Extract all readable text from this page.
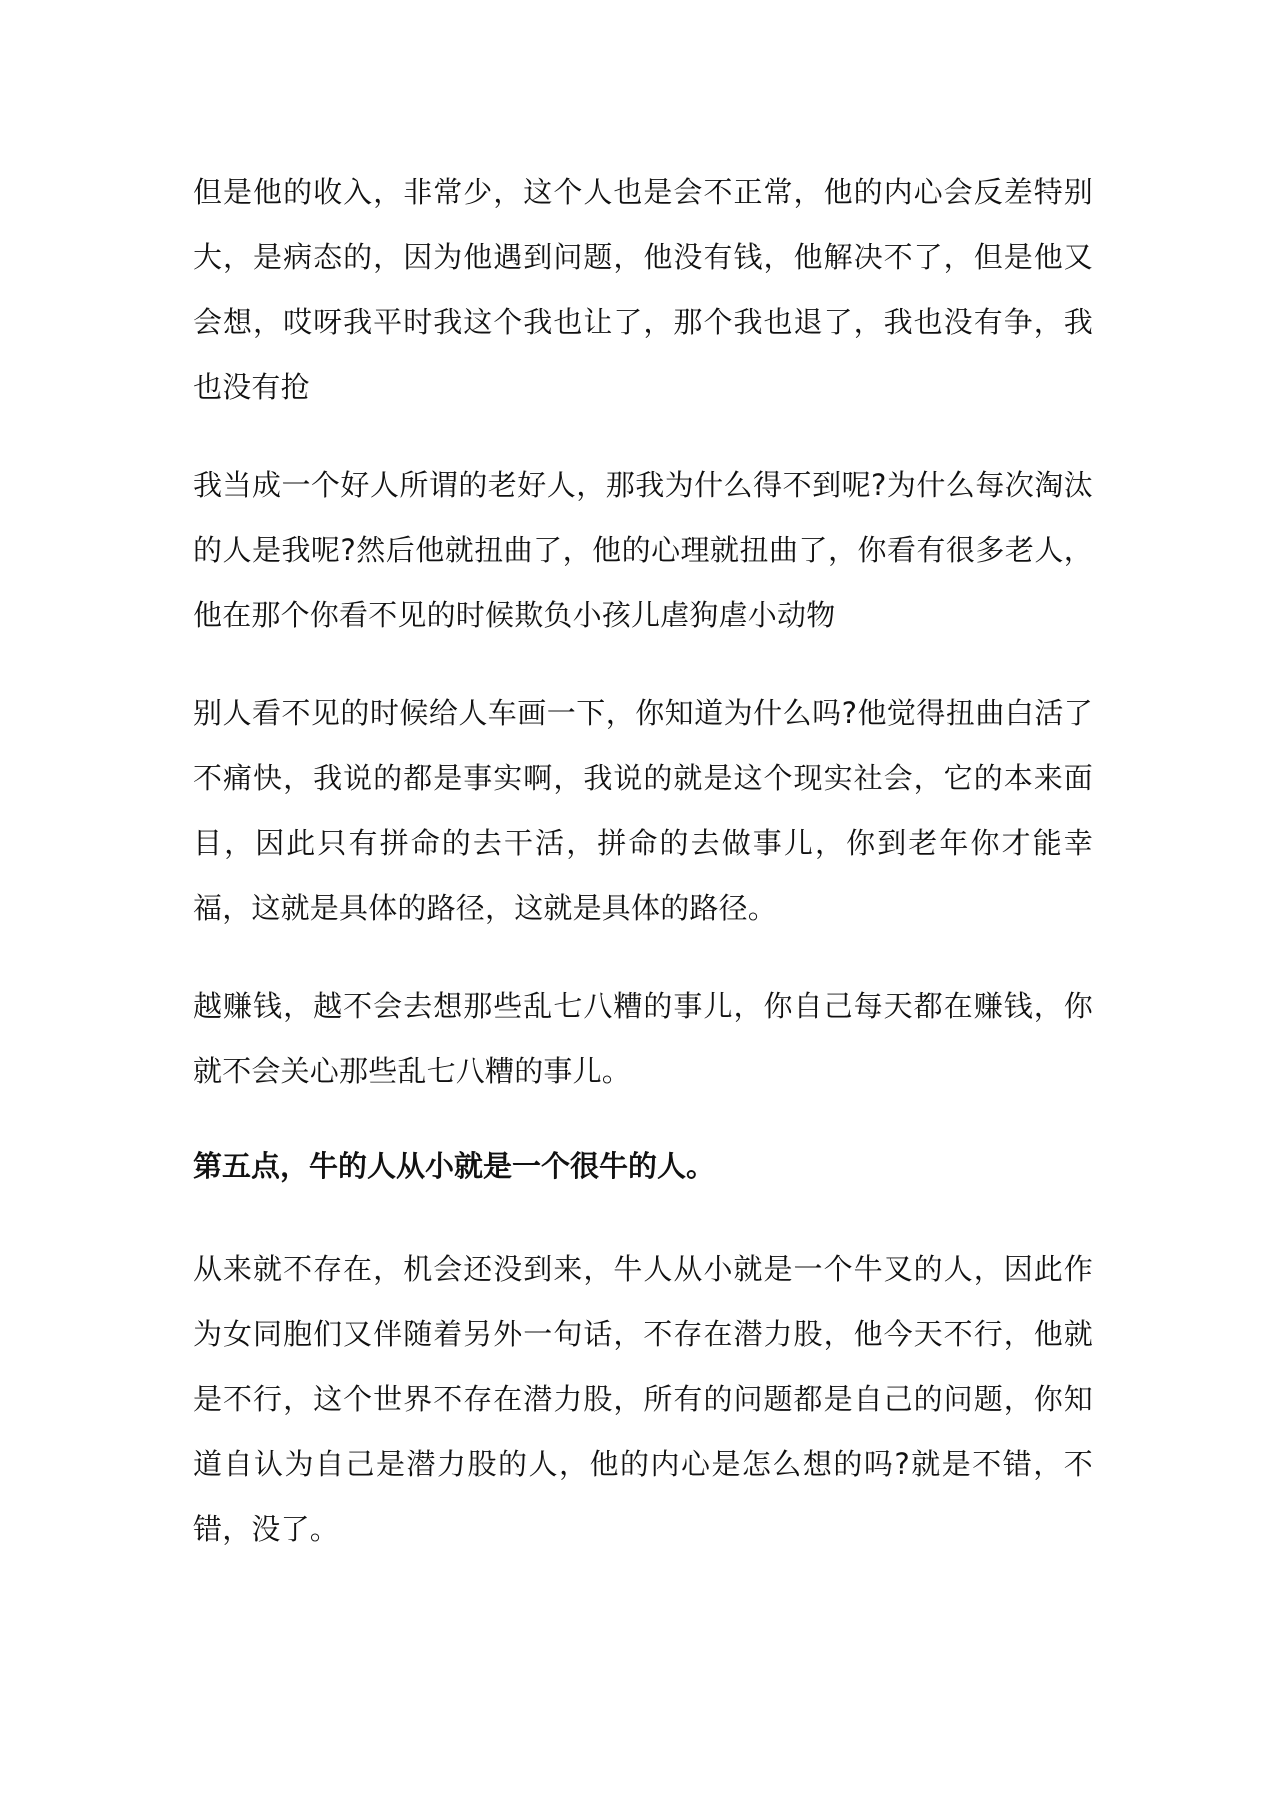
但是他的收入，非常少，这个人也是会不正常，他的内心会反差特别大，是病态的，因为他遇到问题，他没有钱，他解决不了，但是他又会想，哎呀我平时我这个我也让了，那个我也退了，我也没有争，我也没有抢

我当成一个好人所谓的老好人，那我为什么得不到呢?为什么每次淘汰的人是我呢?然后他就扭曲了，他的心理就扭曲了，你看有很多老人，他在那个你看不见的时候欺负小孩儿虐狗虐小动物

别人看不见的时候给人车画一下，你知道为什么吗?他觉得扭曲白活了不痛快，我说的都是事实啊，我说的就是这个现实社会，它的本来面目，因此只有拼命的去干活，拼命的去做事儿，你到老年你才能幸福，这就是具体的路径，这就是具体的路径。

越赚钱，越不会去想那些乱七八糟的事儿，你自己每天都在赚钱，你就不会关心那些乱七八糟的事儿。

第五点，牛的人从小就是一个很牛的人。

从来就不存在，机会还没到来，牛人从小就是一个牛叉的人，因此作为女同胞们又伴随着另外一句话，不存在潜力股，他今天不行，他就是不行，这个世界不存在潜力股，所有的问题都是自己的问题，你知道自认为自己是潜力股的人，他的内心是怎么想的吗?就是不错，不错，没了。
